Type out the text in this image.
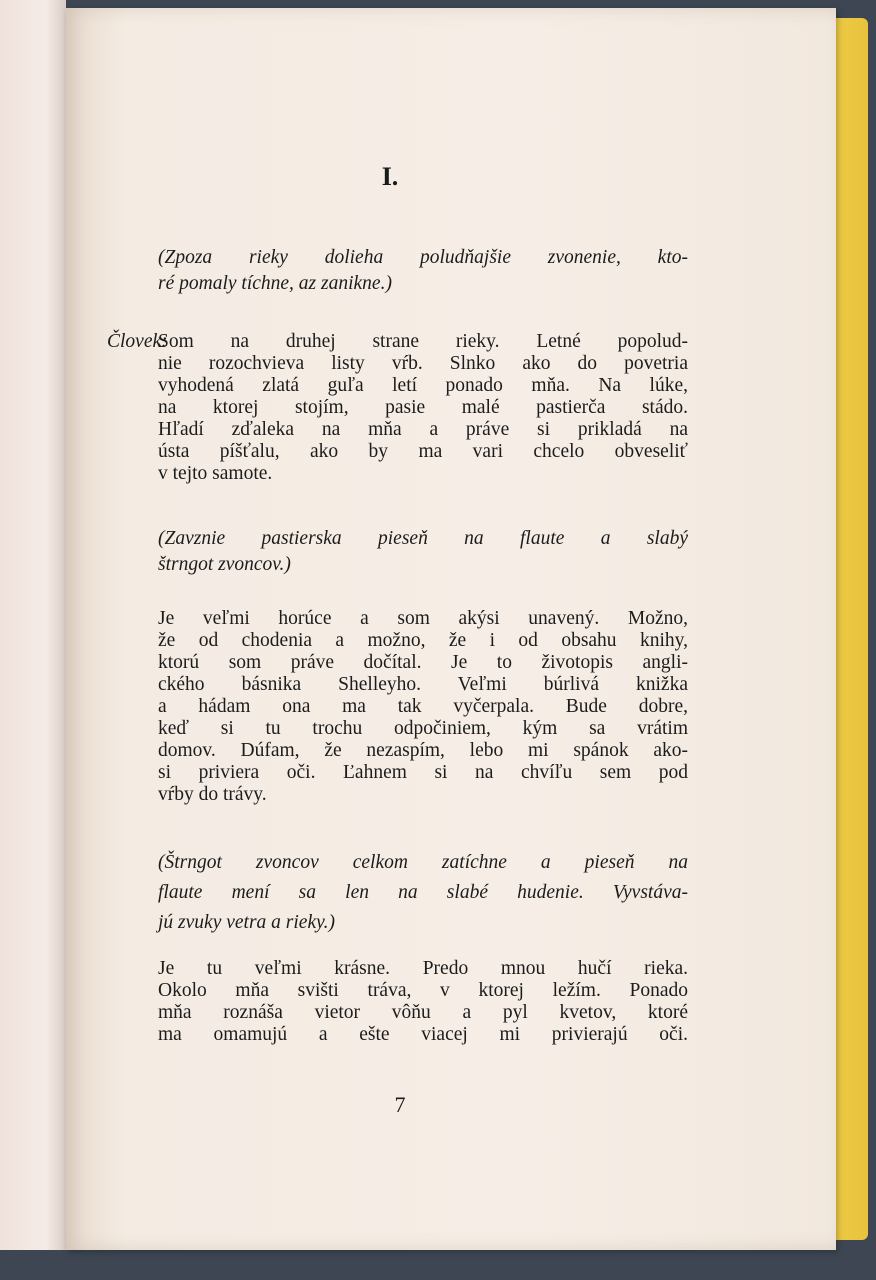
I.
(Zpoza rieky dolieha poludňajšie zvonenie, kto-
ré pomaly tíchne, az zanikne.)
Človek:
Som na druhej strane rieky. Letné popolud-
nie rozochvieva listy vŕb. Slnko ako do povetria
vyhodená zlatá guľa letí ponado mňa. Na lúke,
na ktorej stojím, pasie malé pastierča stádo.
Hľadí zďaleka na mňa a práve si prikladá na
ústa píšťalu, ako by ma vari chcelo obveseliť
v tejto samote.
(Zavznie pastierska pieseň na flaute a slabý
štrngot zvoncov.)
Je veľmi horúce a som akýsi unavený. Možno,
že od chodenia a možno, že i od obsahu knihy,
ktorú som práve dočítal. Je to životopis angli-
ckého básnika Shelleyho. Veľmi búrlivá knižka
a hádam ona ma tak vyčerpala. Bude dobre,
keď si tu trochu odpočiniem, kým sa vrátim
domov. Dúfam, že nezaspím, lebo mi spánok ako-
si priviera oči. Ľahnem si na chvíľu sem pod
vŕby do trávy.
(Štrngot zvoncov celkom zatíchne a pieseň na
flaute mení sa len na slabé hudenie. Vyvstáva-
jú zvuky vetra a rieky.)
Je tu veľmi krásne. Predo mnou hučí rieka.
Okolo mňa svišti tráva, v ktorej ležím. Ponado
mňa roznáša vietor vôňu a pyl kvetov, ktoré
ma omamujú a ešte viacej mi privierajú oči.
7
